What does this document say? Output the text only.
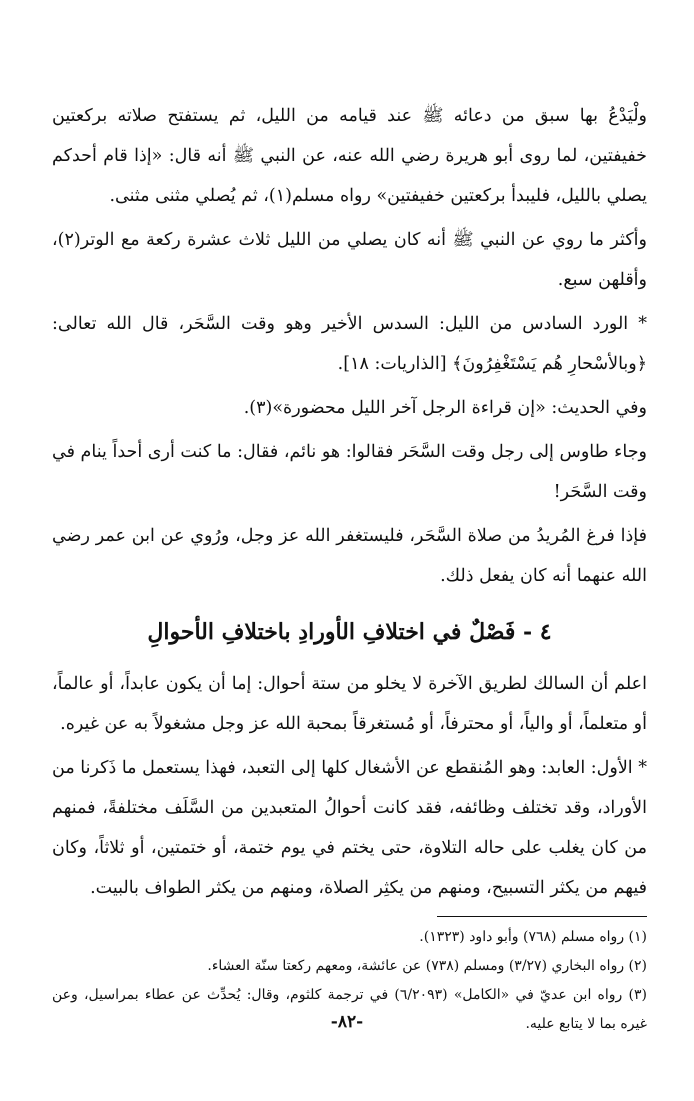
ولْيَدْعُ بها سبق من دعائه ﷺ عند قيامه من الليل، ثم يستفتح صلاته بركعتين خفيفتين، لما روى أبو هريرة رضي الله عنه، عن النبي ﷺ أنه قال: «إذا قام أحدكم يصلي بالليل، فليبدأ بركعتين خفيفتين» رواه مسلم(١)، ثم يُصلي مثنى مثنى.

وأكثر ما روي عن النبي ﷺ أنه كان يصلي من الليل ثلاث عشرة ركعة مع الوتر(٢)، وأقلهن سبع.

* الورد السادس من الليل: السدس الأخير وهو وقت السَّحَر، قال الله تعالى: ﴿وبالأسْحارِ هُم يَسْتَغْفِرُونَ﴾ [الذاريات: ١٨].

وفي الحديث: «إن قراءة الرجل آخر الليل محضورة»(٣).

وجاء طاوس إلى رجل وقت السَّحَر فقالوا: هو نائم، فقال: ما كنت أرى أحداً ينام في وقت السَّحَر!

فإذا فرغ المُريدُ من صلاة السَّحَر، فليستغفر الله عز وجل، ورُوي عن ابن عمر رضي الله عنهما أنه كان يفعل ذلك.

٤ - فَصْلٌ في اختلافِ الأورادِ باختلافِ الأحوالِ

اعلم أن السالك لطريق الآخرة لا يخلو من ستة أحوال: إما أن يكون عابداً، أو عالماً، أو متعلماً، أو والياً، أو محترفاً، أو مُستغرقاً بمحبة الله عز وجل مشغولاً به عن غيره.

* الأول: العابد: وهو المُنقطع عن الأشغال كلها إلى التعبد، فهذا يستعمل ما ذَكرنا من الأوراد، وقد تختلف وظائفه، فقد كانت أحوالُ المتعبدين من السَّلَف مختلفةً، فمنهم من كان يغلب على حاله التلاوة، حتى يختم في يوم ختمة، أو ختمتين، أو ثلاثاً، وكان فيهم من يكثر التسبيح، ومنهم من يكثِر الصلاة، ومنهم من يكثر الطواف بالبيت.

(١) رواه مسلم (٧٦٨) وأبو داود (١٣٢٣).

(٢) رواه البخاري (٣/٢٧) ومسلم (٧٣٨) عن عائشة، ومعهم ركعتا سنّة العشاء.

(٣) رواه ابن عديّ في «الكامل» (٦/٢٠٩٣) في ترجمة كلثوم، وقال: يُحدِّث عن عطاء بمراسيل، وعن غيره بما لا يتابع عليه.

-٨٢-
